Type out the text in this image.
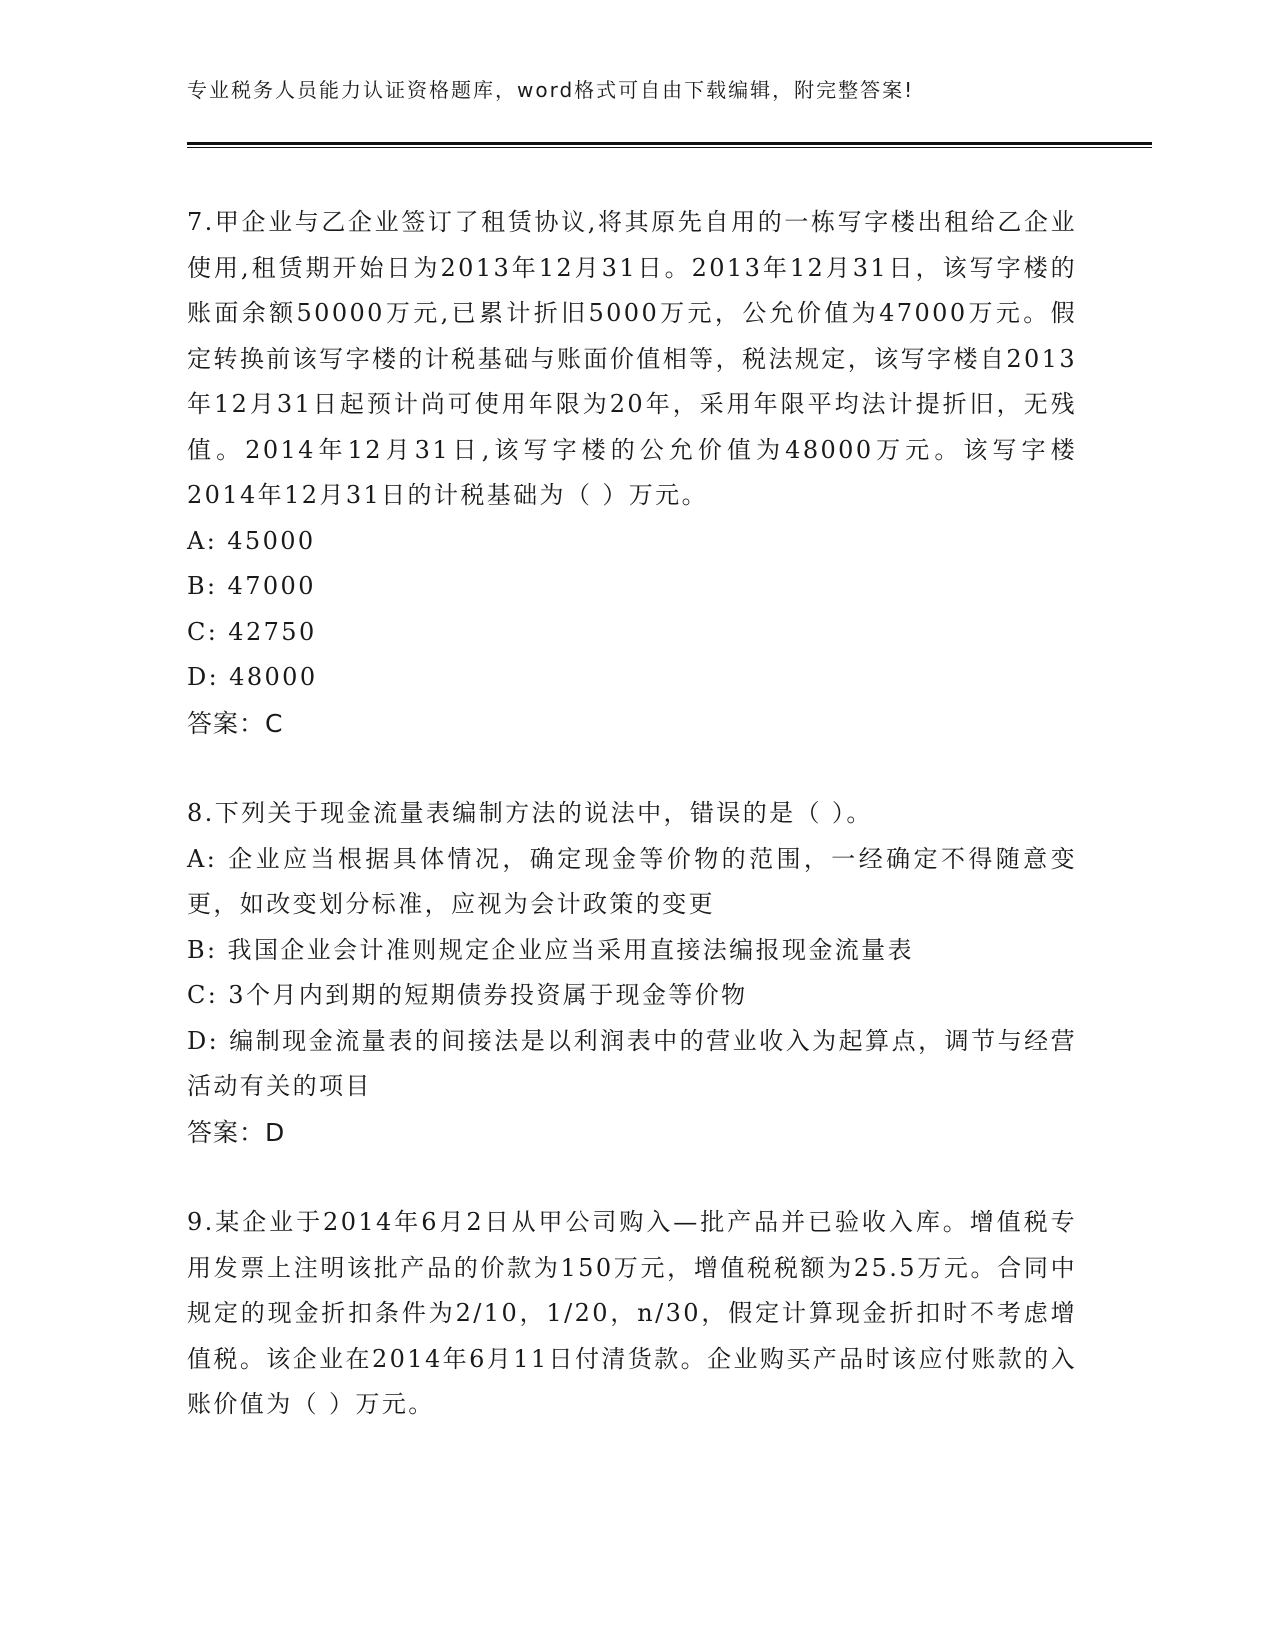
专业税务人员能力认证资格题库，word格式可自由下载编辑，附完整答案!

7.甲企业与乙企业签订了租赁协议,将其原先自用的一栋写字楼出租给乙企业使用,租赁期开始日为2013年12月31日。2013年12月31日，该写字楼的账面余额50000万元,已累计折旧5000万元，公允价值为47000万元。假定转换前该写字楼的计税基础与账面价值相等，税法规定，该写字楼自2013年12月31日起预计尚可使用年限为20年，采用年限平均法计提折旧，无残值。2014年12月31日,该写字楼的公允价值为48000万元。该写字楼2014年12月31日的计税基础为（ ）万元。

A: 45000

B: 47000

C: 42750

D: 48000

答案：C

8.下列关于现金流量表编制方法的说法中，错误的是（ ）。

A: 企业应当根据具体情况，确定现金等价物的范围，一经确定不得随意变更，如改变划分标准，应视为会计政策的变更

B: 我国企业会计准则规定企业应当采用直接法编报现金流量表

C: 3个月内到期的短期债券投资属于现金等价物

D: 编制现金流量表的间接法是以利润表中的营业收入为起算点，调节与经营活动有关的项目

答案：D

9.某企业于2014年6月2日从甲公司购入—批产品并已验收入库。增值税专用发票上注明该批产品的价款为150万元，增值税税额为25.5万元。合同中规定的现金折扣条件为2/10，1/20，n/30，假定计算现金折扣时不考虑增值税。该企业在2014年6月11日付清货款。企业购买产品时该应付账款的入账价值为（ ）万元。
